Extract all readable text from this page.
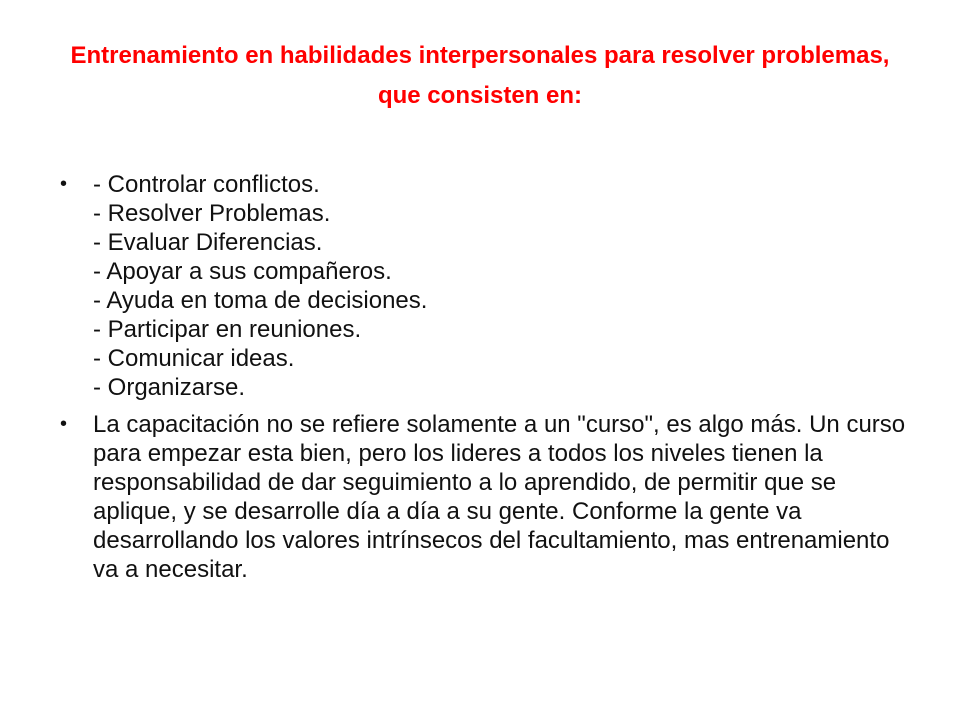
Entrenamiento en habilidades interpersonales para resolver problemas, que consisten en:
• - Controlar conflictos.
- Resolver Problemas.
- Evaluar Diferencias.
- Apoyar a sus compañeros.
- Ayuda en toma de decisiones.
- Participar en reuniones.
- Comunicar ideas.
- Organizarse.
• La capacitación no se refiere solamente a un "curso", es algo más. Un curso para empezar esta bien, pero los lideres a todos los niveles tienen la responsabilidad de dar seguimiento a lo aprendido, de permitir que se aplique, y se desarrolle día a día a su gente. Conforme la gente va desarrollando los valores intrínsecos del facultamiento, mas entrenamiento va a necesitar.
